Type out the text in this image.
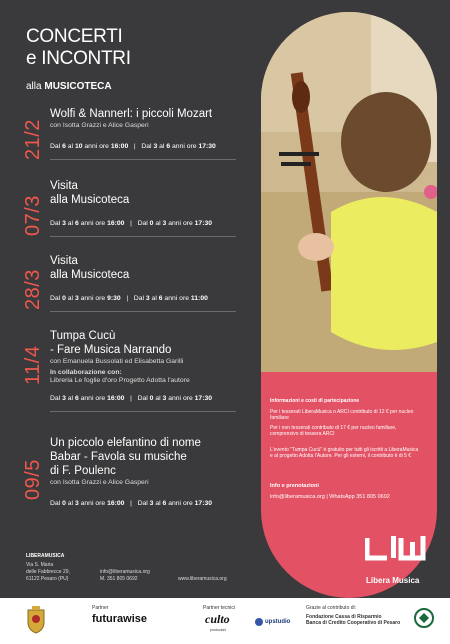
CONCERTI
e INCONTRI
alla MUSICOTECA
Informazioni e costi di partecipazione
Per i tesserati LiberaMusica o ARCI contributo di 12 € per nucleo familiare
Per i non tesserati contributo di 17 € per nucleo familiare, comprensivo di tessera ARCI
L'evento "Tumpa Cucù" è gratuito per tutti gli iscritti a LiberaMusica e al progetto Adotta l'Autore. Per gli esterni, il contributo è di 5 €
Info e prenotazioni
info@liberamusica.org | WhatsApp 351 805 0692
Libera Musica
21/2
Wolfi & Nannerl: i piccoli Mozart
con Isotta Grazzi e Alice Gasperi
Dal 6 al 10 anni ore 16:00   |   Dal 3 al 6 anni ore 17:30
07/3
Visita
alla Musicoteca
Dal 3 al 6 anni ore 16:00   |   Dal 0 al 3 anni ore 17:30
28/3
Visita
alla Musicoteca
Dal 0 al 3 anni ore 9:30   |   Dal 3 al 6 anni ore 11:00
11/4
Tumpa Cucù
- Fare Musica Narrando
con Emanuela Bussolati ed Elisabetta Garilli
In collaborazione con:
Libreria Le foglie d'oro Progetto Adotta l'autore
Dal 3 al 6 anni ore 16:00   |   Dal 0 al 3 anni ore 17:30
09/5
Un piccolo elefantino di nome
Babar - Favola su musiche
di F. Poulenc
con Isotta Grazzi e Alice Gasperi
Dal 0 al 3 anni ore 16:00   |   Dal 3 al 6 anni ore 17:30
LIBERAMUSICA
Via S. Maria
delle Fabbrecce 29,
61122 Pesaro (PU)
info@liberamusica.org
M. 351 805 0692	www.liberamusica.org
Partner
futurawise
Partner tecnici
culto
produzioni
upstudio
Grazie al contributo di:
Fondazione Cassa di Risparmio
Banca di Credito Cooperativo di Pesaro
